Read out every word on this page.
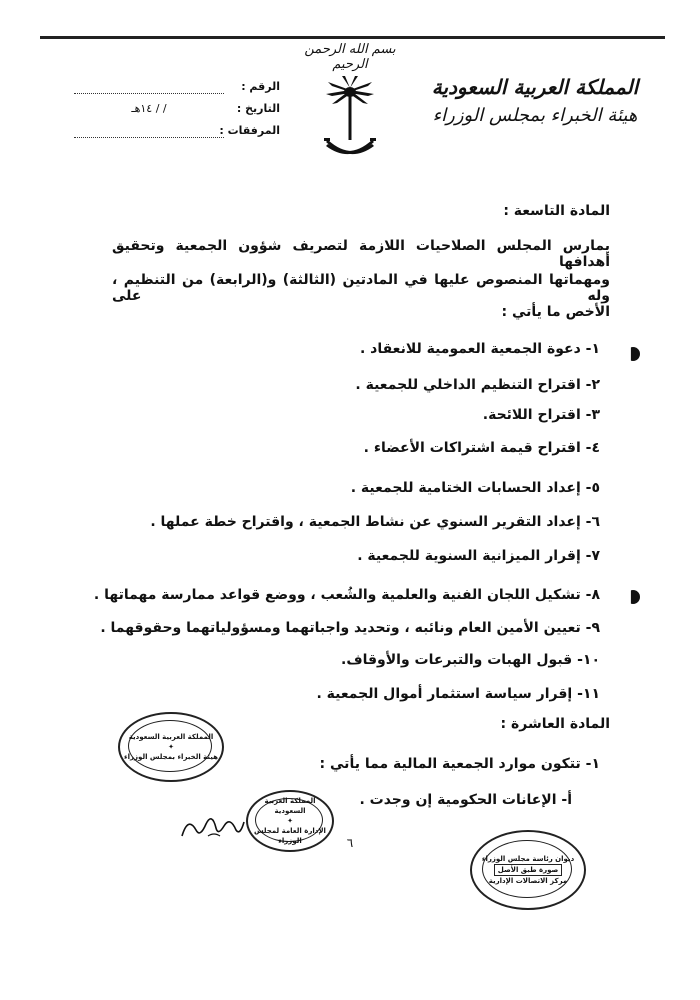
بسم الله الرحمن الرحيم
المملكة العربية السعودية
هيئة الخبراء بمجلس الوزراء
الرقم :
التاريخ :
/ / ١٤هـ
المرفقات :
المادة التاسعة :
يمارس المجلس الصلاحيات اللازمة لتصريف شؤون الجمعية وتحقيق أهدافها
ومهماتها المنصوص عليها في المادتين (الثالثة) و(الرابعة) من التنظيم ، وله على
الأخص ما يأتي :
١- دعوة الجمعية العمومية للانعقاد .
٢- اقتراح التنظيم الداخلي للجمعية .
٣- اقتراح اللائحة.
٤- اقتراح قيمة اشتراكات الأعضاء .
٥- إعداد الحسابات الختامية للجمعية .
٦- إعداد التقرير السنوي عن نشاط الجمعية ، واقتراح خطة عملها .
٧- إقرار الميزانية السنوية للجمعية .
٨- تشكيل اللجان الفنية والعلمية والشُعب ، ووضع قواعد ممارسة مهماتها .
٩- تعيين الأمين العام ونائبه ، وتحديد واجباتهما ومسؤولياتهما وحقوقهما .
١٠- قبول الهبات والتبرعات والأوقاف.
١١- إقرار سياسة استثمار أموال الجمعية .
المادة العاشرة :
١- تتكون موارد الجمعية المالية مما يأتي :
أ- الإعانات الحكومية إن وجدت .
المملكة العربية السعودية
✦
هيئة الخبراء بمجلس الوزراء
المملكة العربية السعودية
✦
الإدارة العامة لمجلس الوزراء
ديوان رئاسة مجلس الوزراء
صورة طبق الأصل
مركز الاتصالات الإدارية
٦
